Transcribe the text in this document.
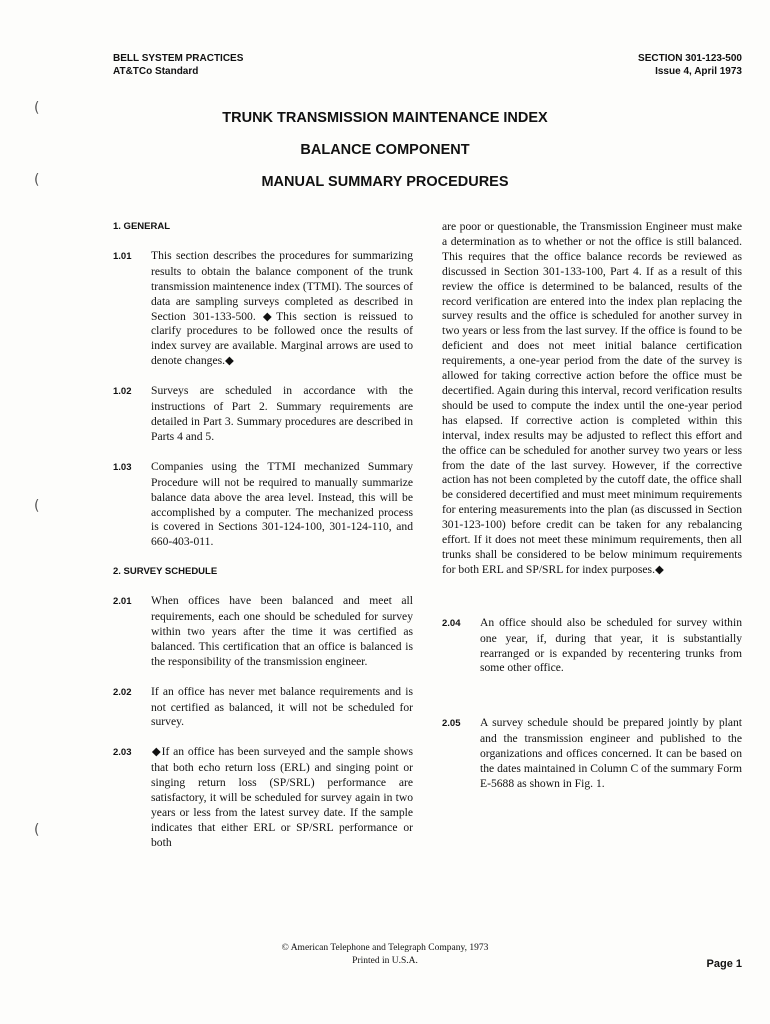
BELL SYSTEM PRACTICES
AT&TCo Standard
SECTION 301-123-500
Issue 4, April 1973
TRUNK TRANSMISSION MAINTENANCE INDEX
BALANCE COMPONENT
MANUAL SUMMARY PROCEDURES
1. GENERAL

1.01 This section describes the procedures for summarizing results to obtain the balance component of the trunk transmission maintenence index (TTMI). The sources of data are sampling surveys completed as described in Section 301-133-500. ◆This section is reissued to clarify procedures to be followed once the results of index survey are available. Marginal arrows are used to denote changes.◆

1.02 Surveys are scheduled in accordance with the instructions of Part 2. Summary requirements are detailed in Part 3. Summary procedures are described in Parts 4 and 5.

1.03 Companies using the TTMI mechanized Summary Procedure will not be required to manually summarize balance data above the area level. Instead, this will be accomplished by a computer. The mechanized process is covered in Sections 301-124-100, 301-124-110, and 660-403-011.

2. SURVEY SCHEDULE

2.01 When offices have been balanced and meet all requirements, each one should be scheduled for survey within two years after the time it was certified as balanced. This certification that an office is balanced is the responsibility of the transmission engineer.

2.02 If an office has never met balance requirements and is not certified as balanced, it will not be scheduled for survey.

2.03 ◆If an office has been surveyed and the sample shows that both echo return loss (ERL) and singing point or singing return loss (SP/SRL) performance are satisfactory, it will be scheduled for survey again in two years or less from the latest survey date. If the sample indicates that either ERL or SP/SRL performance or both

are poor or questionable, the Transmission Engineer must make a determination as to whether or not the office is still balanced. This requires that the office balance records be reviewed as discussed in Section 301-133-100, Part 4. If as a result of this review the office is determined to be balanced, results of the record verification are entered into the index plan replacing the survey results and the office is scheduled for another survey in two years or less from the last survey. If the office is found to be deficient and does not meet initial balance certification requirements, a one-year period from the date of the survey is allowed for taking corrective action before the office must be decertified. Again during this interval, record verification results should be used to compute the index until the one-year period has elapsed. If corrective action is completed within this interval, index results may be adjusted to reflect this effort and the office can be scheduled for another survey two years or less from the date of the last survey. However, if the corrective action has not been completed by the cutoff date, the office shall be considered decertified and must meet minimum requirements for entering measurements into the plan (as discussed in Section 301-123-100) before credit can be taken for any rebalancing effort. If it does not meet these minimum requirements, then all trunks shall be considered to be below minimum requirements for both ERL and SP/SRL for index purposes.◆

2.04 An office should also be scheduled for survey within one year, if, during that year, it is substantially rearranged or is expanded by recentering trunks from some other office.

2.05 A survey schedule should be prepared jointly by plant and the transmission engineer and published to the organizations and offices concerned. It can be based on the dates maintained in Column C of the summary Form E-5688 as shown in Fig. 1.

© American Telephone and Telegraph Company, 1973
Printed in U.S.A.	Page 1
(
(
(
(
